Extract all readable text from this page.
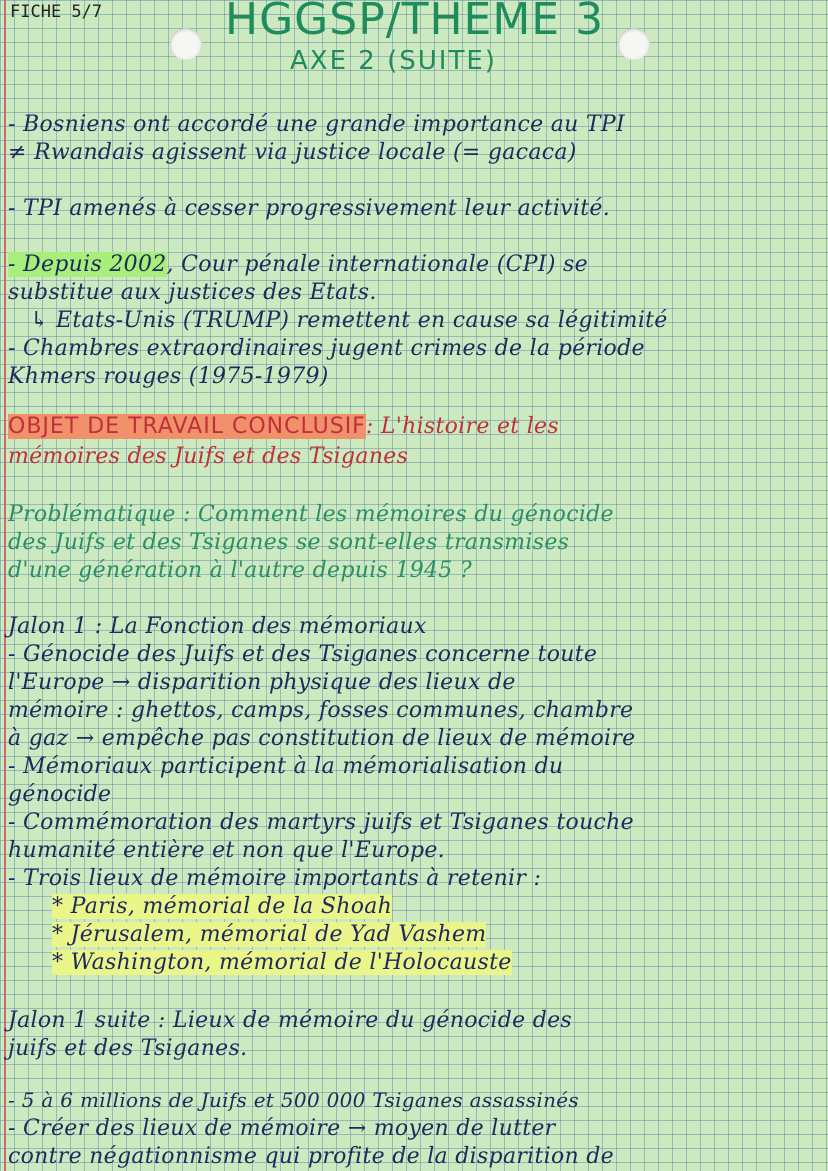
FICHE 5/7	HGGSP/THEME 3
AXE 2 (SUITE)
- Bosniens ont accordé une grande importance au TPI
≠ Rwandais agissent via justice locale (= gacaca)
- TPI amenés à cesser progressivement leur activité.
- Depuis 2002, Cour pénale internationale (CPI) se
substitue aux justices des Etats.
↳ Etats-Unis (TRUMP) remettent en cause sa légitimité
- Chambres extraordinaires jugent crimes de la période
Khmers rouges (1975-1979)
OBJET DE TRAVAIL CONCLUSIF: L'histoire et les
mémoires des Juifs et des Tsiganes
Problématique : Comment les mémoires du génocide
des Juifs et des Tsiganes se sont-elles transmises
d'une génération à l'autre depuis 1945 ?
Jalon 1 : La Fonction des mémoriaux
- Génocide des Juifs et des Tsiganes concerne toute
l'Europe → disparition physique des lieux de
mémoire : ghettos, camps, fosses communes, chambre
à gaz → empêche pas constitution de lieux de mémoire
- Mémoriaux participent à la mémorialisation du
génocide
- Commémoration des martyrs juifs et Tsiganes touche
humanité entière et non que l'Europe.
- Trois lieux de mémoire importants à retenir :
* Paris, mémorial de la Shoah
* Jérusalem, mémorial de Yad Vashem
* Washington, mémorial de l'Holocauste
Jalon 1 suite : Lieux de mémoire du génocide des
juifs et des Tsiganes.
- 5 à 6 millions de Juifs et 500 000 Tsiganes assassinés
- Créer des lieux de mémoire → moyen de lutter
contre négationnisme qui profite de la disparition de
